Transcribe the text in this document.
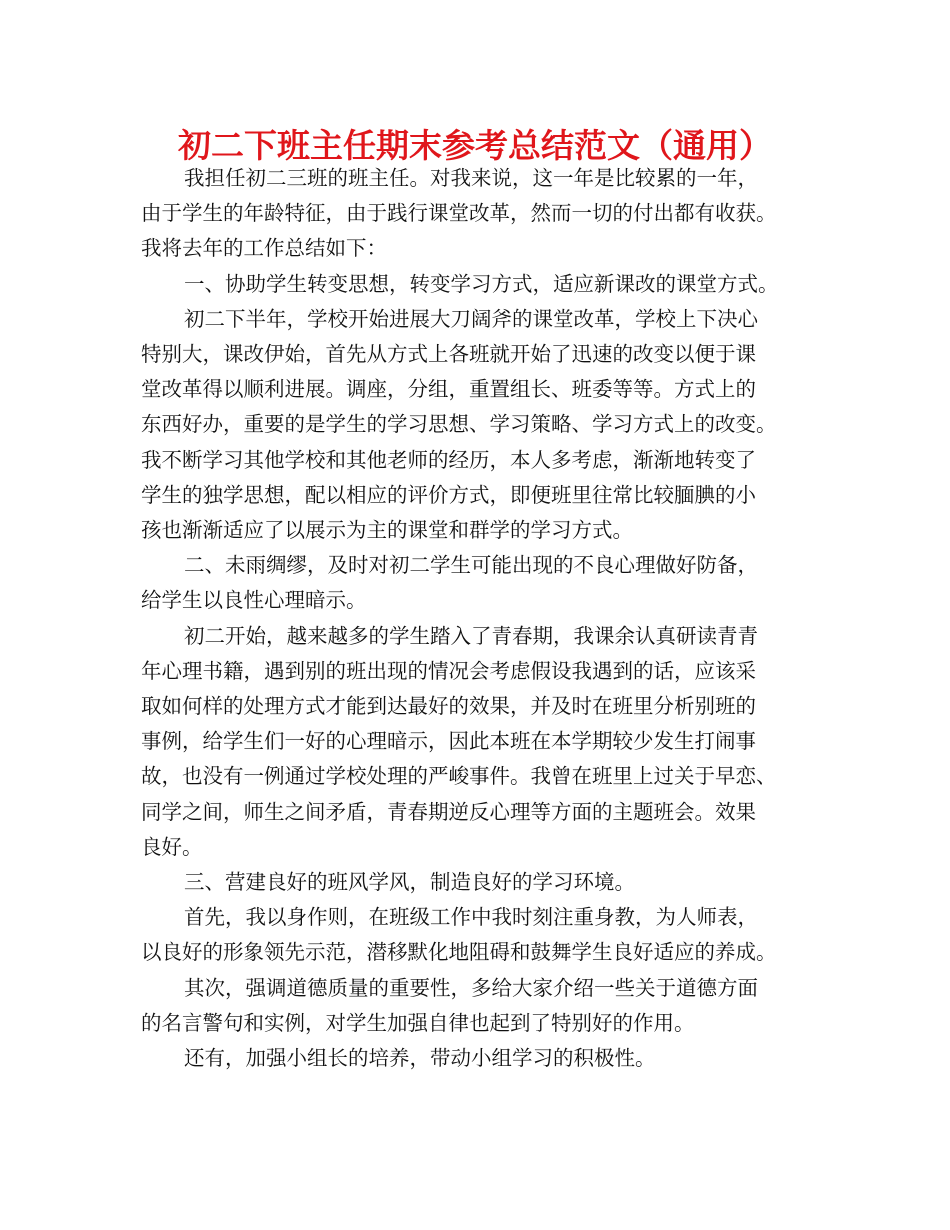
初二下班主任期末参考总结范文（通用）
我担任初二三班的班主任。对我来说，这一年是比较累的一年，
由于学生的年龄特征，由于践行课堂改革，然而一切的付出都有收获。
我将去年的工作总结如下：
一、协助学生转变思想，转变学习方式，适应新课改的课堂方式。
初二下半年，学校开始进展大刀阔斧的课堂改革，学校上下决心
特别大，课改伊始，首先从方式上各班就开始了迅速的改变以便于课
堂改革得以顺利进展。调座，分组，重置组长、班委等等。方式上的
东西好办，重要的是学生的学习思想、学习策略、学习方式上的改变。
我不断学习其他学校和其他老师的经历，本人多考虑，渐渐地转变了
学生的独学思想，配以相应的评价方式，即便班里往常比较腼腆的小
孩也渐渐适应了以展示为主的课堂和群学的学习方式。
二、未雨绸缪，及时对初二学生可能出现的不良心理做好防备，
给学生以良性心理暗示。
初二开始，越来越多的学生踏入了青春期，我课余认真研读青青
年心理书籍，遇到别的班出现的情况会考虑假设我遇到的话，应该采
取如何样的处理方式才能到达最好的效果，并及时在班里分析别班的
事例，给学生们一好的心理暗示，因此本班在本学期较少发生打闹事
故，也没有一例通过学校处理的严峻事件。我曾在班里上过关于早恋、
同学之间，师生之间矛盾，青春期逆反心理等方面的主题班会。效果
良好。
三、营建良好的班风学风，制造良好的学习环境。
首先，我以身作则，在班级工作中我时刻注重身教，为人师表，
以良好的形象领先示范，潜移默化地阻碍和鼓舞学生良好适应的养成。
其次，强调道德质量的重要性，多给大家介绍一些关于道德方面
的名言警句和实例，对学生加强自律也起到了特别好的作用。
还有，加强小组长的培养，带动小组学习的积极性。
